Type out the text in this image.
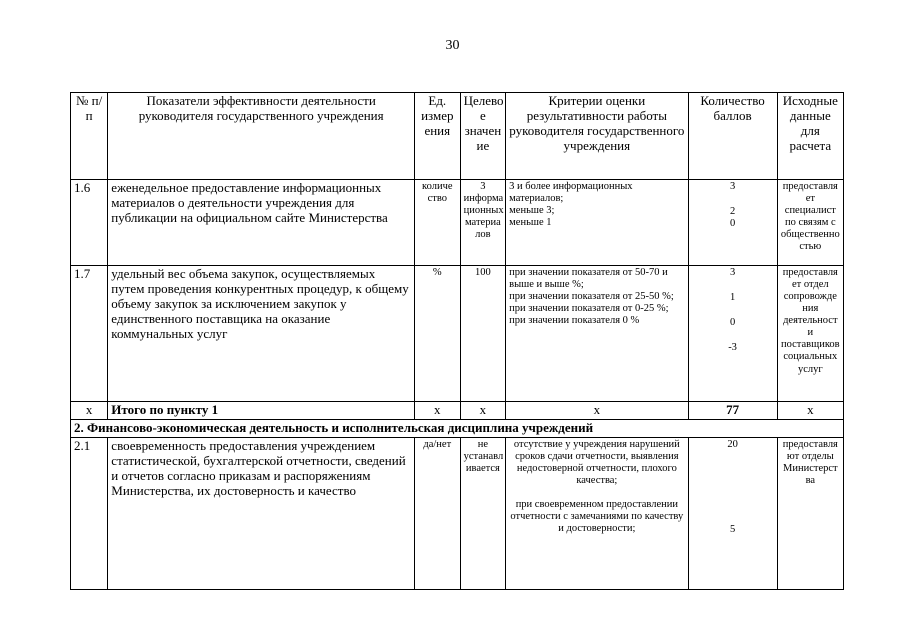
30
№ п/п	Показатели эффективности деятельности руководителя государственного учреждения	Ед. измер ения	Целево е значен ие	Критерии оценки результативности работы руководителя государственного учреждения	Количество баллов	Исходные данные для расчета
1.6	еженедельное предоставление информационных материалов о деятельности учреждения для публикации на официальном сайте Министерства	количе ство	3 информа ционных материа лов	3 и более информационных материалов;
меньше 3;
меньше 1	3
2
0	предоставля ет специалист по связям с общественно стью
1.7	удельный вес объема закупок, осуществляемых путем проведения конкурентных процедур, к общему объему закупок за исключением закупок у единственного поставщика на оказание коммунальных услуг	%	100	при значении показателя от 50-70 и выше и выше %;
при значении показателя от 25-50 %;
при значении показателя от 0-25 %;
при значении показателя 0 %	3
1
0
-3	предоставля ет отдел сопровожде ния деятельност и поставщиков социальных услуг
x	Итого по пункту 1	x	x	x	77	x
2. Финансово-экономическая деятельность и исполнительская дисциплина учреждений						
2.1	своевременность предоставления учреждением статистической, бухгалтерской отчетности, сведений и отчетов согласно приказам и распоряжениям Министерства, их достоверность и качество	да/нет	не устанавл ивается	отсутствие у учреждения нарушений сроков сдачи отчетности, выявления недостоверной отчетности, плохого качества;
при своевременном предоставлении отчетности с замечаниями по качеству и достоверности;	20
5	предоставля ют отделы Министерст ва
